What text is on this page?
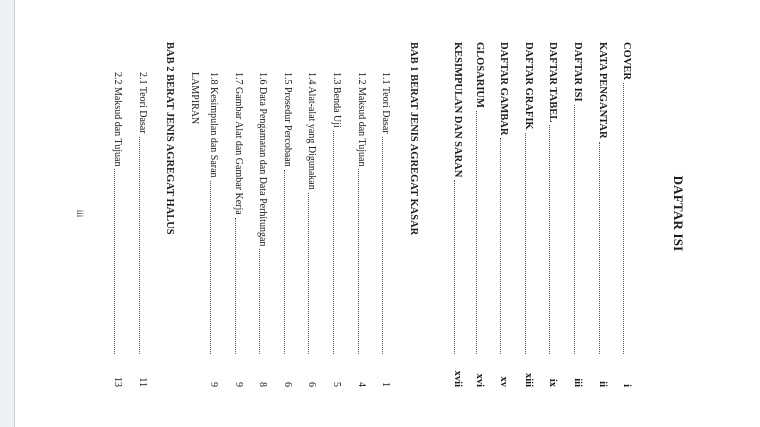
DAFTAR ISI
COVER
i
KATA PENGANTAR
ii
DAFTAR ISI
iii
DAFTAR TABEL
ix
DAFTAR GRAFIK
xiii
DAFTAR GAMBAR
xv
GLOSARIUM
xvi
KESIMPULAN DAN SARAN
xvii
BAB 1 BERAT JENIS AGREGAT KASAR
1.1 Teori Dasar
1
1.2 Maksud dan Tujuan
4
1.3 Benda Uji
5
1.4 Alat-alat yang Digunakan
6
1.5 Prosedur Percobaan
6
1.6 Data Pengamatan dan Data Perhitungan
8
1.7 Gambar Alat dan Gambar Kerja
9
1.8 Kesimpulan dan Saran
9
LAMPIRAN
BAB 2 BERAT JENIS AGREGAT HALUS
2.1 Teori Dasar
11
2.2 Maksud dan Tujuan
13
iii
